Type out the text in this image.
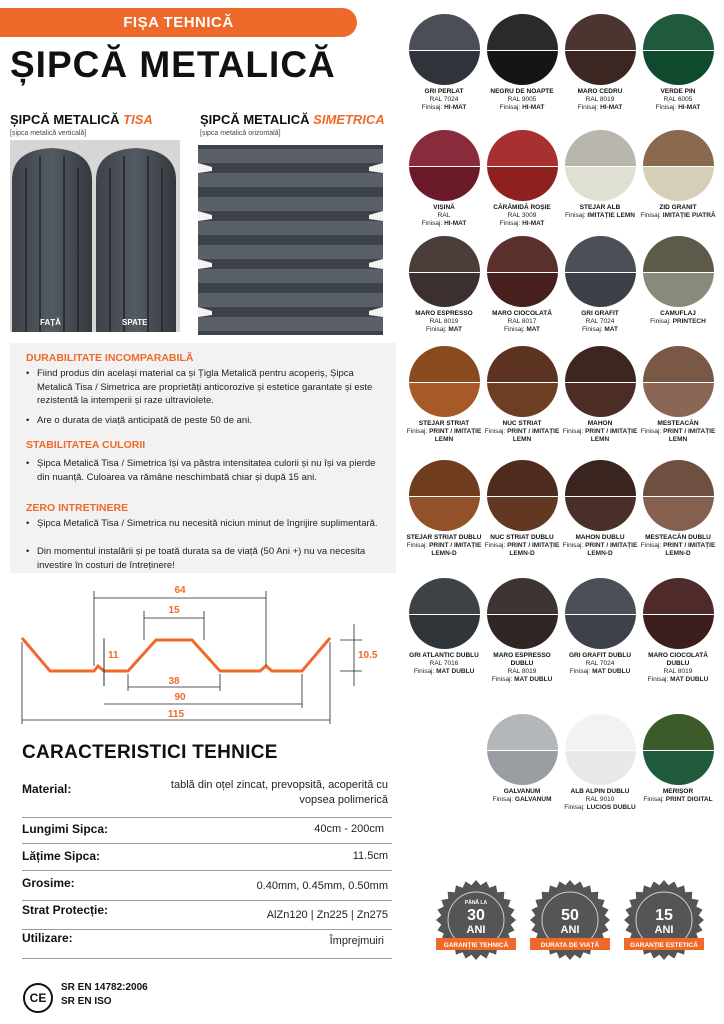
FIȘA TEHNICĂ
ȘIPCĂ METALICĂ
ȘIPCĂ METALICĂ TISA
[șipca metalică verticală]
ȘIPCĂ METALICĂ SIMETRICA
[șipca metalică orizontală]
FAȚĂ	SPATE
DURABILITATE INCOMPARABILĂ
• Fiind produs din același material ca și Țigla Metalică pentru acoperiș, Șipca Metalică Tisa / Simetrica are proprietăți anticorozive și estetice garantate și este rezistentă la intemperii și raze ultraviolete.
• Are o durata de viață anticipată de peste 50 de ani.
STABILITATEA CULORII
• Șipca Metalică Tisa / Simetrica își va păstra intensitatea culorii și nu își va pierde din nuanță. Culoarea va rămâne neschimbată chiar și după 15 ani.
ZERO INTRETINERE
• Șipca Metalică Tisa / Simetrica nu necesită niciun minut de îngrijire suplimentară.
• Din momentul instalării și pe toată durata sa de viață (50 Ani +) nu va necesita investire în costuri de întreținere!
64
15
11	10.5
38
90
115
CARACTERISTICI TEHNICE
Material:	tablă din oțel zincat, prevopsită, acoperită cu vopsea polimerică
Lungimi Sipca:	40cm - 200cm
Lățime Sipca:	11.5cm
Grosime:	0.40mm, 0.45mm, 0.50mm
Strat Protecție:	AlZn120 | Zn225 | Zn275
Utilizare:	Împrejmuiri
CE
SR EN 14782:2006
SR EN ISO
GRI PERLAT
RAL 7024
Finisaj: HI-MAT
NEGRU DE NOAPTE
RAL 9005
Finisaj: HI-MAT
MARO CEDRU
RAL 8019
Finisaj: HI-MAT
VERDE PIN
RAL 6005
Finisaj: HI-MAT
VIȘINĂ
RAL
Finisaj: HI-MAT
CĂRĂMIDĂ ROȘIE
RAL 3009
Finisaj: HI-MAT
STEJAR ALB
Finisaj: IMITAȚIE LEMN
ZID GRANIT
Finisaj: IMITAȚIE PIATRĂ
MARO ESPRESSO
RAL 8019
Finisaj: MAT
MARO CIOCOLATĂ
RAL 8017
Finisaj: MAT
GRI GRAFIT
RAL 7024
Finisaj: MAT
CAMUFLAJ
Finisaj: PRINTECH
STEJAR STRIAT
Finisaj: PRINT / IMITAȚIE LEMN
NUC STRIAT
Finisaj: PRINT / IMITAȚIE LEMN
MAHON
Finisaj: PRINT / IMITAȚIE LEMN
MESTEACĂN
Finisaj: PRINT / IMITAȚIE LEMN
STEJAR STRIAT DUBLU
Finisaj: PRINT / IMITAȚIE LEMN-D
NUC STRIAT DUBLU
Finisaj: PRINT / IMITAȚIE LEMN-D
MAHON DUBLU
Finisaj: PRINT / IMITAȚIE LEMN-D
MESTEACĂN DUBLU
Finisaj: PRINT / IMITAȚIE LEMN-D
GRI ATLANTIC DUBLU
RAL 7016
Finisaj: MAT DUBLU
MARO ESPRESSO DUBLU
RAL 8019
Finisaj: MAT DUBLU
GRI GRAFIT DUBLU
RAL 7024
Finisaj: MAT DUBLU
MARO CIOCOLATĂ DUBLU
RAL 8019
Finisaj: MAT DUBLU
GALVANUM
Finisaj: GALVANUM
ALB ALPIN DUBLU
RAL 9010
Finisaj: LUCIOS DUBLU
MERIȘOR
Finisaj: PRINT DIGITAL
PÂNĂ LA
30
ANI
GARANȚIE TEHNICĂ
50
ANI
DURATA DE VIAȚĂ
15
ANI
GARANȚIE ESTETICĂ
